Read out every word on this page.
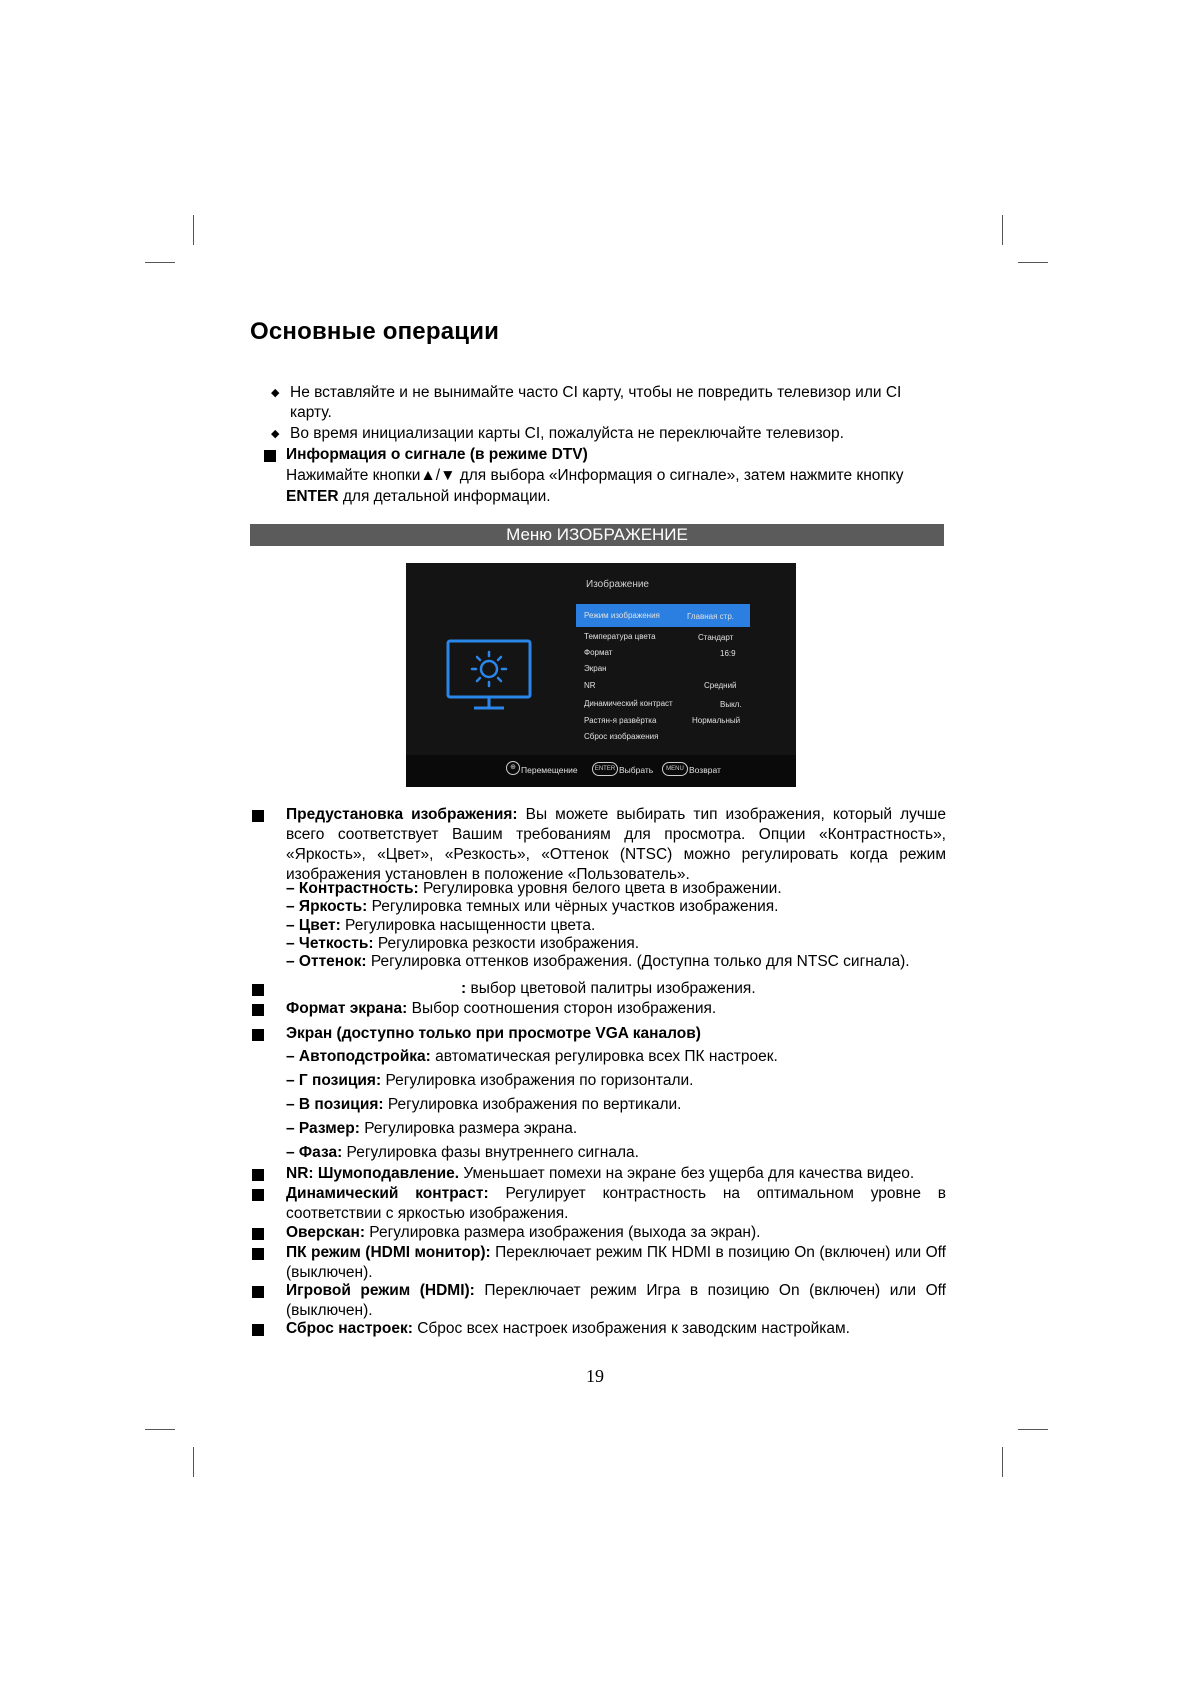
Основные операции
◆ Не вставляйте и не вынимайте часто CI карту, чтобы не повредить телевизор или CI
карту.
◆ Во время инициализации карты CI, пожалуйста не переключайте телевизор.
Информация о сигнале (в режиме DTV)
Нажимайте кнопки▲/▼ для выбора «Информация о сигнале», затем нажмите кнопку
ENTER для детальной информации.
Меню ИЗОБРАЖЕНИЕ
Изображение
Режим изображения	Главная стр.
Температура цвета	Стандарт
Формат	16:9
Экран
NR	Средний
Динамический контраст	Выкл.
Растян-я развёртка	Нормальный
Сброс изображения
⊕ Перемещение	ENTER Выбрать	MENU Возврат
Предустановка изображения: Вы можете выбирать тип изображения, который лучше всего соответствует Вашим требованиям для просмотра. Опции «Контрастность», «Яркость», «Цвет», «Резкость», «Оттенок (NTSC) можно регулировать когда режим изображения установлен в положение «Пользователь».
– Контрастность: Регулировка уровня белого цвета в изображении.
– Яркость: Регулировка темных или чёрных участков изображения.
– Цвет: Регулировка насыщенности цвета.
– Четкость: Регулировка резкости изображения.
– Оттенок: Регулировка оттенков изображения. (Доступна только для NTSC сигнала).
: выбор цветовой палитры изображения.
Формат экрана: Выбор соотношения сторон изображения.
Экран (доступно только при просмотре VGA каналов)
– Автоподстройка: автоматическая регулировка всех ПК настроек.
– Г позиция: Регулировка изображения по горизонтали.
– В позиция: Регулировка изображения по вертикали.
– Размер: Регулировка размера экрана.
– Фаза: Регулировка фазы внутреннего сигнала.
NR: Шумоподавление. Уменьшает помехи на экране без ущерба для качества видео.
Динамический контраст: Регулирует контрастность на оптимальном уровне в соответствии с яркостью изображения.
Оверскан: Регулировка размера изображения (выхода за экран).
ПК режим (HDMI монитор): Переключает режим ПК HDMI в позицию On (включен) или Off (выключен).
Игровой режим (HDMI): Переключает режим Игра в позицию On (включен) или Off (выключен).
Сброс настроек: Сброс всех настроек изображения к заводским настройкам.
19
